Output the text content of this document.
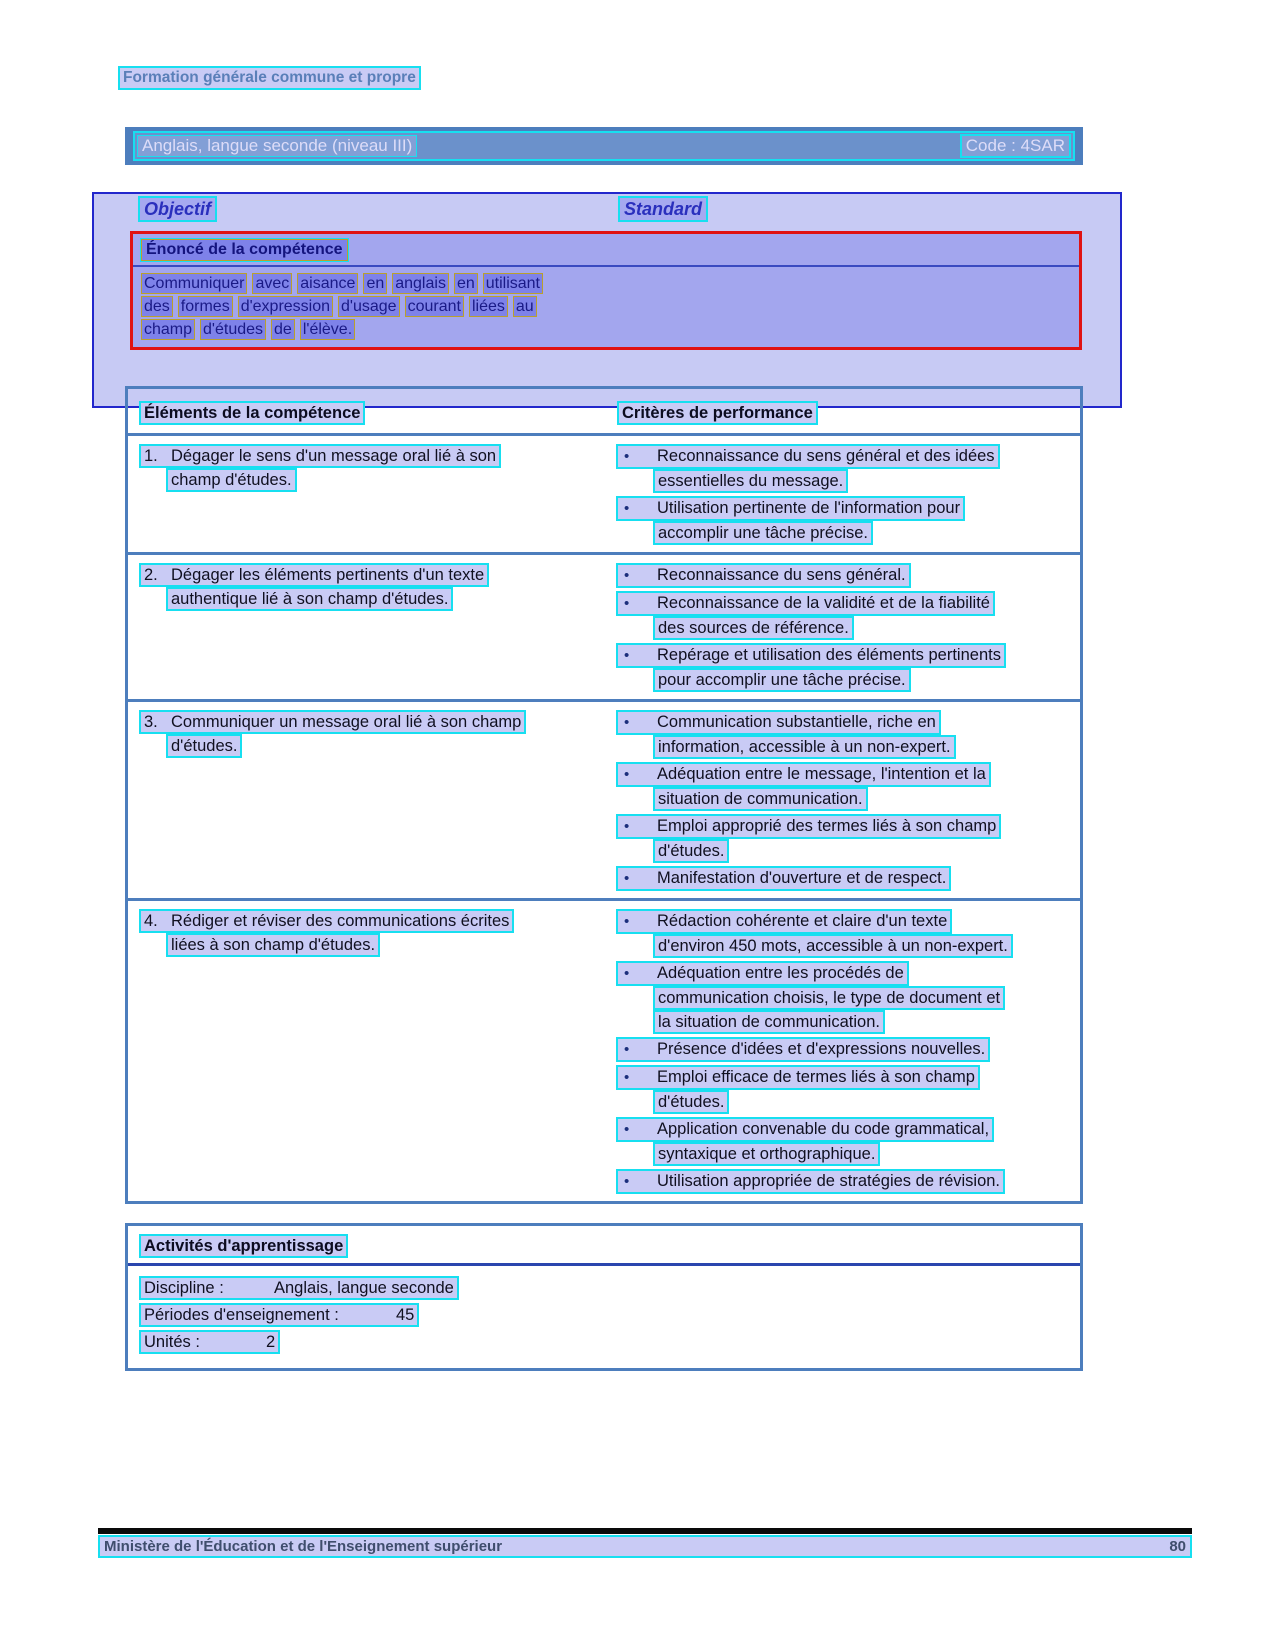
Formation générale commune et propre
Anglais, langue seconde (niveau III)	Code : 4SAR
Objectif	Standard
Énoncé de la compétence
Communiquer avec aisance en anglais en utilisant
des formes d'expression d'usage courant liées au
champ d'études de l'élève.
Éléments de la compétence	Critères de performance
1. Dégager le sens d'un message oral lié à son
champ d'études.
• Reconnaissance du sens général et des idées
essentielles du message.
• Utilisation pertinente de l'information pour
accomplir une tâche précise.
2. Dégager les éléments pertinents d'un texte
authentique lié à son champ d'études.
• Reconnaissance du sens général.
• Reconnaissance de la validité et de la fiabilité
des sources de référence.
• Repérage et utilisation des éléments pertinents
pour accomplir une tâche précise.
3. Communiquer un message oral lié à son champ
d'études.
• Communication substantielle, riche en
information, accessible à un non-expert.
• Adéquation entre le message, l'intention et la
situation de communication.
• Emploi approprié des termes liés à son champ
d'études.
• Manifestation d'ouverture et de respect.
4. Rédiger et réviser des communications écrites
liées à son champ d'études.
• Rédaction cohérente et claire d'un texte
d'environ 450 mots, accessible à un non-expert.
• Adéquation entre les procédés de
communication choisis, le type de document et
la situation de communication.
• Présence d'idées et d'expressions nouvelles.
• Emploi efficace de termes liés à son champ
d'études.
• Application convenable du code grammatical,
syntaxique et orthographique.
• Utilisation appropriée de stratégies de révision.
Activités d'apprentissage
Discipline :	Anglais, langue seconde
Périodes d'enseignement :	45
Unités :	2
Ministère de l'Éducation et de l'Enseignement supérieur	80
